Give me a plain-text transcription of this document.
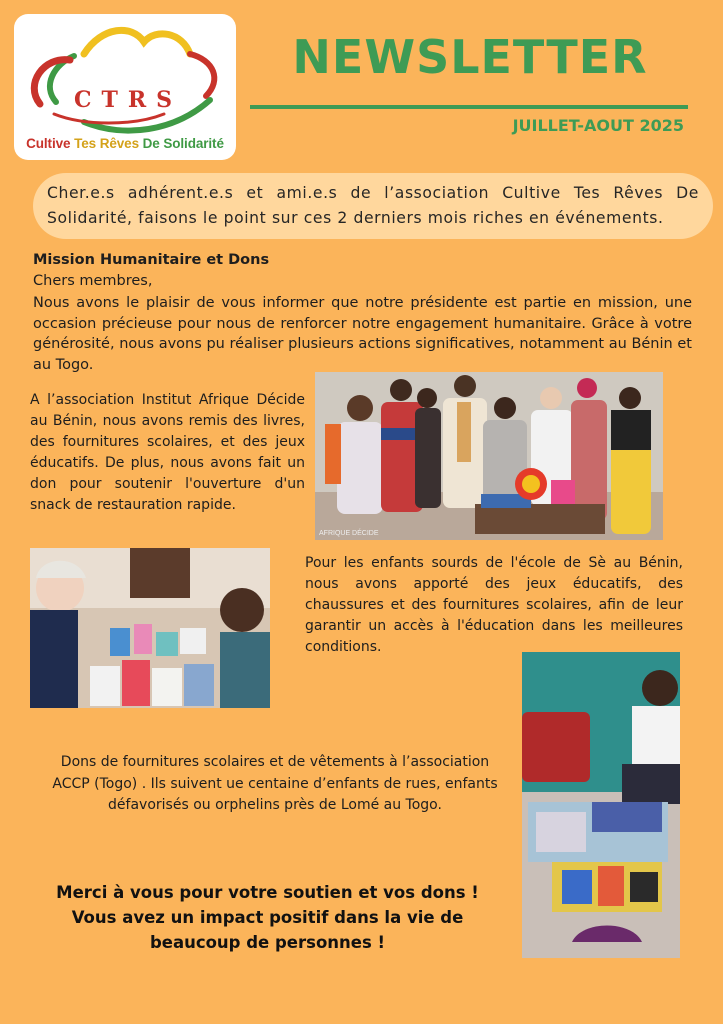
CTRS
Cultive Tes Rêves De Solidarité
NEWSLETTER
JUILLET-AOUT 2025
Cher.e.s adhérent.e.s et ami.e.s de l’association Cultive Tes Rêves De Solidarité, faisons le point sur ces 2 derniers mois riches en événements.
Mission Humanitaire et Dons
Chers membres,
Nous avons le plaisir de vous informer que notre présidente est partie en mission, une occasion précieuse pour nous de renforcer notre engagement humanitaire. Grâce à votre générosité, nous avons pu réaliser plusieurs actions significatives, notamment au Bénin et au Togo.
A l’association Institut Afrique Décide au Bénin, nous avons remis des livres, des fournitures scolaires, et des jeux éducatifs. De plus, nous avons fait un don pour soutenir l'ouverture d'un snack de restauration rapide.
AFRIQUE DÉCIDE
Pour les enfants sourds de l'école de Sè au Bénin, nous avons apporté des jeux éducatifs, des chaussures et des fournitures scolaires, afin de leur garantir un accès à l'éducation dans les meilleures conditions.
Dons de fournitures scolaires et de vêtements à l’association ACCP (Togo) . Ils suivent ue centaine d’enfants de rues, enfants défavorisés ou orphelins près de Lomé au Togo.
Merci à vous pour votre soutien et vos dons ! Vous avez un impact positif dans la vie de beaucoup de personnes !
